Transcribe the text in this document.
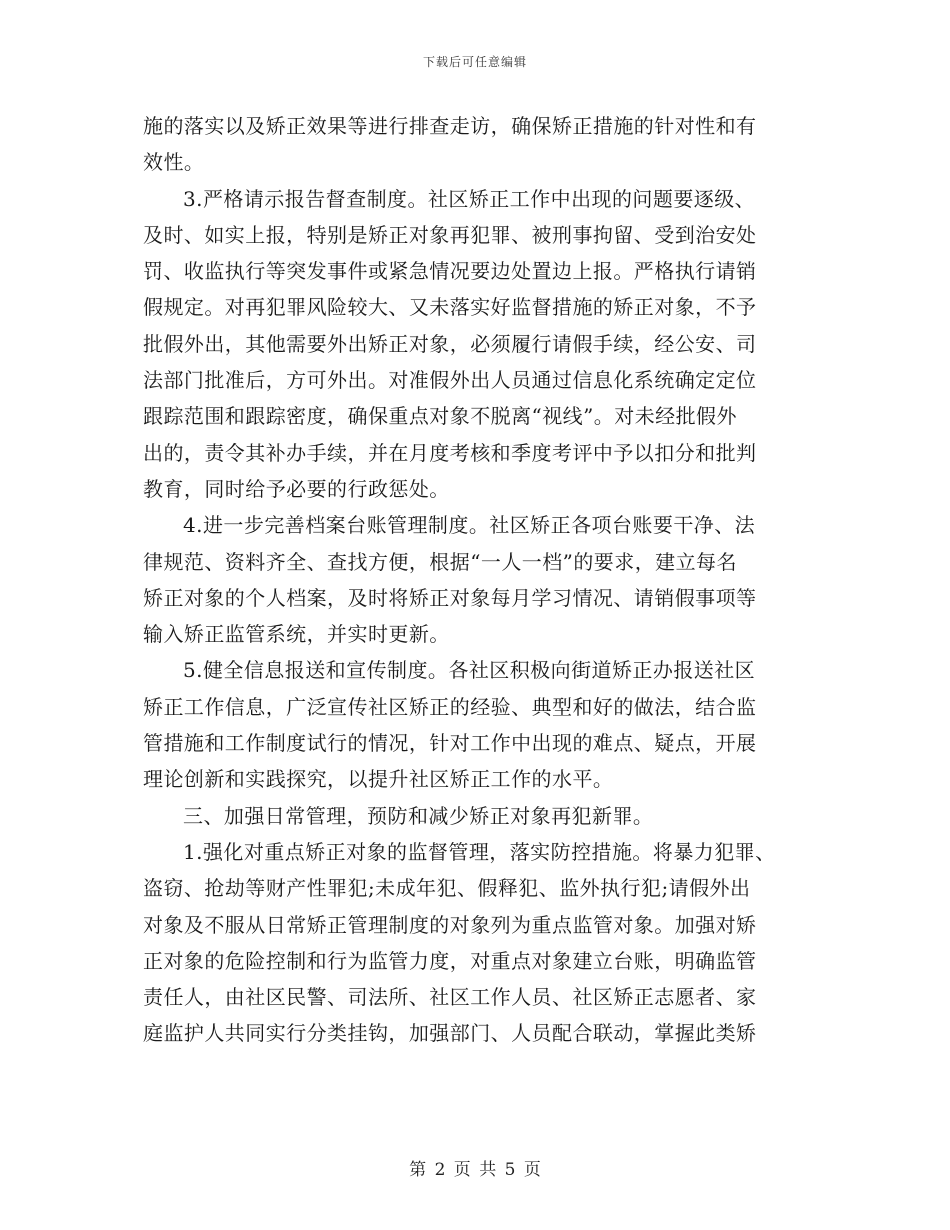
下载后可任意编辑
施的落实以及矫正效果等进行排查走访，确保矫正措施的针对性和有
效性。
3.严格请示报告督查制度。社区矫正工作中出现的问题要逐级、
及时、如实上报，特别是矫正对象再犯罪、被刑事拘留、受到治安处
罚、收监执行等突发事件或紧急情况要边处置边上报。严格执行请销
假规定。对再犯罪风险较大、又未落实好监督措施的矫正对象，不予
批假外出，其他需要外出矫正对象，必须履行请假手续，经公安、司
法部门批准后，方可外出。对准假外出人员通过信息化系统确定定位
跟踪范围和跟踪密度，确保重点对象不脱离“视线”。对未经批假外
出的，责令其补办手续，并在月度考核和季度考评中予以扣分和批判
教育，同时给予必要的行政惩处。
4.进一步完善档案台账管理制度。社区矫正各项台账要干净、法
律规范、资料齐全、查找方便，根据“一人一档”的要求，建立每名
矫正对象的个人档案，及时将矫正对象每月学习情况、请销假事项等
输入矫正监管系统，并实时更新。
5.健全信息报送和宣传制度。各社区积极向街道矫正办报送社区
矫正工作信息，广泛宣传社区矫正的经验、典型和好的做法，结合监
管措施和工作制度试行的情况，针对工作中出现的难点、疑点，开展
理论创新和实践探究，以提升社区矫正工作的水平。
三、加强日常管理，预防和减少矫正对象再犯新罪。
1.强化对重点矫正对象的监督管理，落实防控措施。将暴力犯罪、
盗窃、抢劫等财产性罪犯;未成年犯、假释犯、监外执行犯;请假外出
对象及不服从日常矫正管理制度的对象列为重点监管对象。加强对矫
正对象的危险控制和行为监管力度，对重点对象建立台账，明确监管
责任人，由社区民警、司法所、社区工作人员、社区矫正志愿者、家
庭监护人共同实行分类挂钩，加强部门、人员配合联动，掌握此类矫
第 2 页 共 5 页
